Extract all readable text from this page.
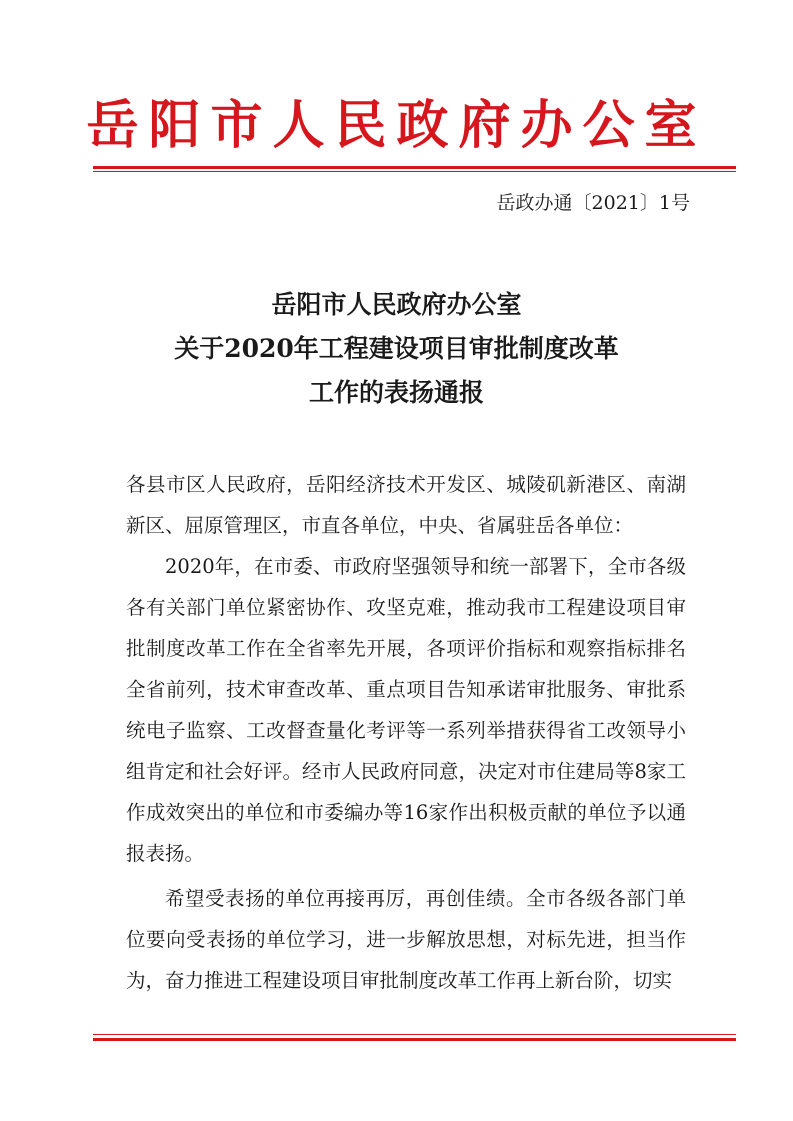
岳阳市人民政府办公室
岳政办通〔2021〕1号
岳阳市人民政府办公室
关于2020年工程建设项目审批制度改革
工作的表扬通报

各县市区人民政府，岳阳经济技术开发区、城陵矶新港区、南湖新区、屈原管理区，市直各单位，中央、省属驻岳各单位：

2020年，在市委、市政府坚强领导和统一部署下，全市各级各有关部门单位紧密协作、攻坚克难，推动我市工程建设项目审批制度改革工作在全省率先开展，各项评价指标和观察指标排名全省前列，技术审查改革、重点项目告知承诺审批服务、审批系统电子监察、工改督查量化考评等一系列举措获得省工改领导小组肯定和社会好评。经市人民政府同意，决定对市住建局等8家工作成效突出的单位和市委编办等16家作出积极贡献的单位予以通报表扬。

希望受表扬的单位再接再厉，再创佳绩。全市各级各部门单位要向受表扬的单位学习，进一步解放思想，对标先进，担当作为，奋力推进工程建设项目审批制度改革工作再上新台阶，切实
